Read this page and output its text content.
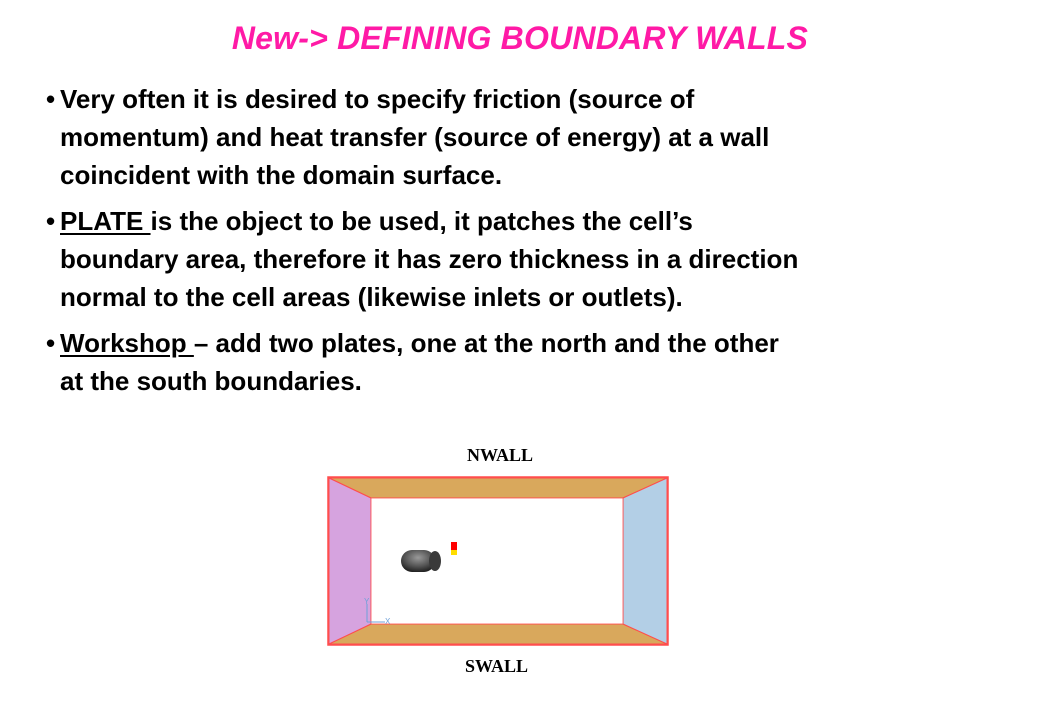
New-> DEFINING BOUNDARY WALLS
• Very often it is desired to specify friction (source of
momentum) and heat transfer (source of energy) at a wall
coincident with the domain surface.
• PLATE is the object to be used, it patches the cell’s
boundary area, therefore it has zero thickness in a direction
normal to the cell areas (likewise inlets or outlets).
• Workshop – add two plates, one at the north and the other
at the south boundaries.
NWALL
SWALL
Y
X
